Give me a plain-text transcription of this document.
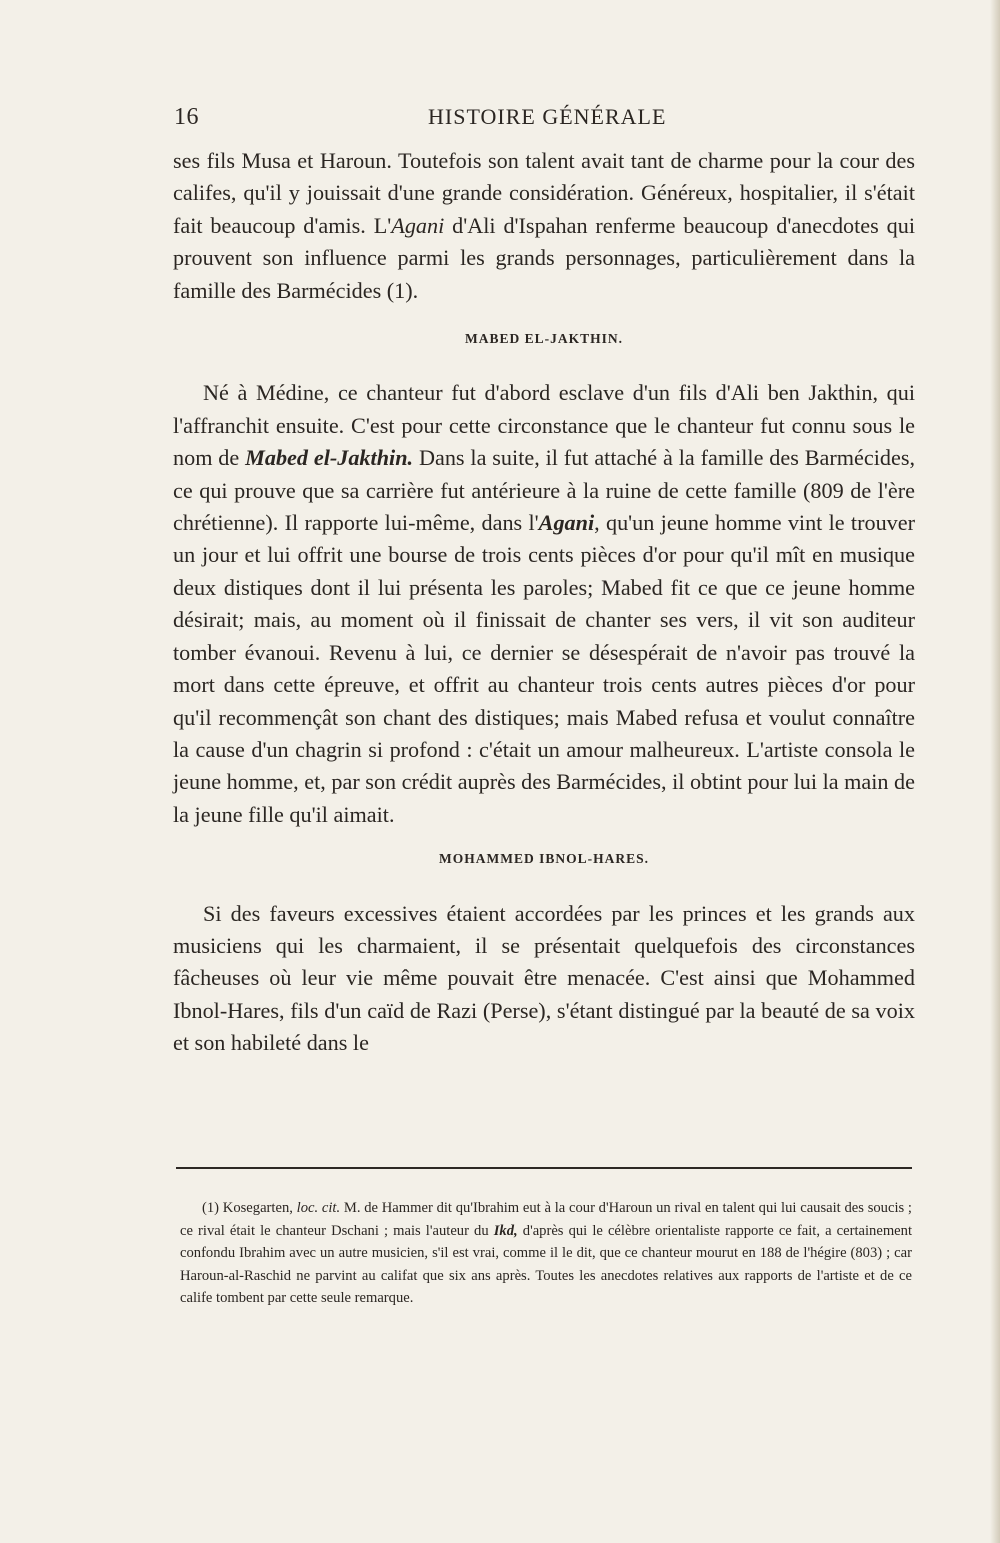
16	HISTOIRE GÉNÉRALE

ses fils Musa et Haroun. Toutefois son talent avait tant de charme pour la cour des califes, qu'il y jouissait d'une grande considération. Généreux, hospitalier, il s'était fait beaucoup d'amis. L'Agani d'Ali d'Ispahan renferme beaucoup d'anecdotes qui prouvent son influence parmi les grands personnages, particulièrement dans la famille des Barmécides (1).

MABED EL-JAKTHIN.

Né à Médine, ce chanteur fut d'abord esclave d'un fils d'Ali ben Jakthin, qui l'affranchit ensuite. C'est pour cette circonstance que le chanteur fut connu sous le nom de Mabed el-Jakthin. Dans la suite, il fut attaché à la famille des Barmécides, ce qui prouve que sa carrière fut antérieure à la ruine de cette famille (809 de l'ère chrétienne). Il rapporte lui-même, dans l'Agani, qu'un jeune homme vint le trouver un jour et lui offrit une bourse de trois cents pièces d'or pour qu'il mît en musique deux distiques dont il lui présenta les paroles; Mabed fit ce que ce jeune homme désirait; mais, au moment où il finissait de chanter ses vers, il vit son auditeur tomber évanoui. Revenu à lui, ce dernier se désespérait de n'avoir pas trouvé la mort dans cette épreuve, et offrit au chanteur trois cents autres pièces d'or pour qu'il recommençât son chant des distiques; mais Mabed refusa et voulut connaître la cause d'un chagrin si profond : c'était un amour malheureux. L'artiste consola le jeune homme, et, par son crédit auprès des Barmécides, il obtint pour lui la main de la jeune fille qu'il aimait.

MOHAMMED IBNOL-HARES.

Si des faveurs excessives étaient accordées par les princes et les grands aux musiciens qui les charmaient, il se présentait quelquefois des circonstances fâcheuses où leur vie même pouvait être menacée. C'est ainsi que Mohammed Ibnol-Hares, fils d'un caïd de Razi (Perse), s'étant distingué par la beauté de sa voix et son habileté dans le

(1) Kosegarten, loc. cit. M. de Hammer dit qu'Ibrahim eut à la cour d'Haroun un rival en talent qui lui causait des soucis ; ce rival était le chanteur Dschani ; mais l'auteur du Ikd, d'après qui le célèbre orientaliste rapporte ce fait, a certainement confondu Ibrahim avec un autre musicien, s'il est vrai, comme il le dit, que ce chanteur mourut en 188 de l'hégire (803) ; car Haroun-al-Raschid ne parvint au califat que six ans après. Toutes les anecdotes relatives aux rapports de l'artiste et de ce calife tombent par cette seule remarque.
